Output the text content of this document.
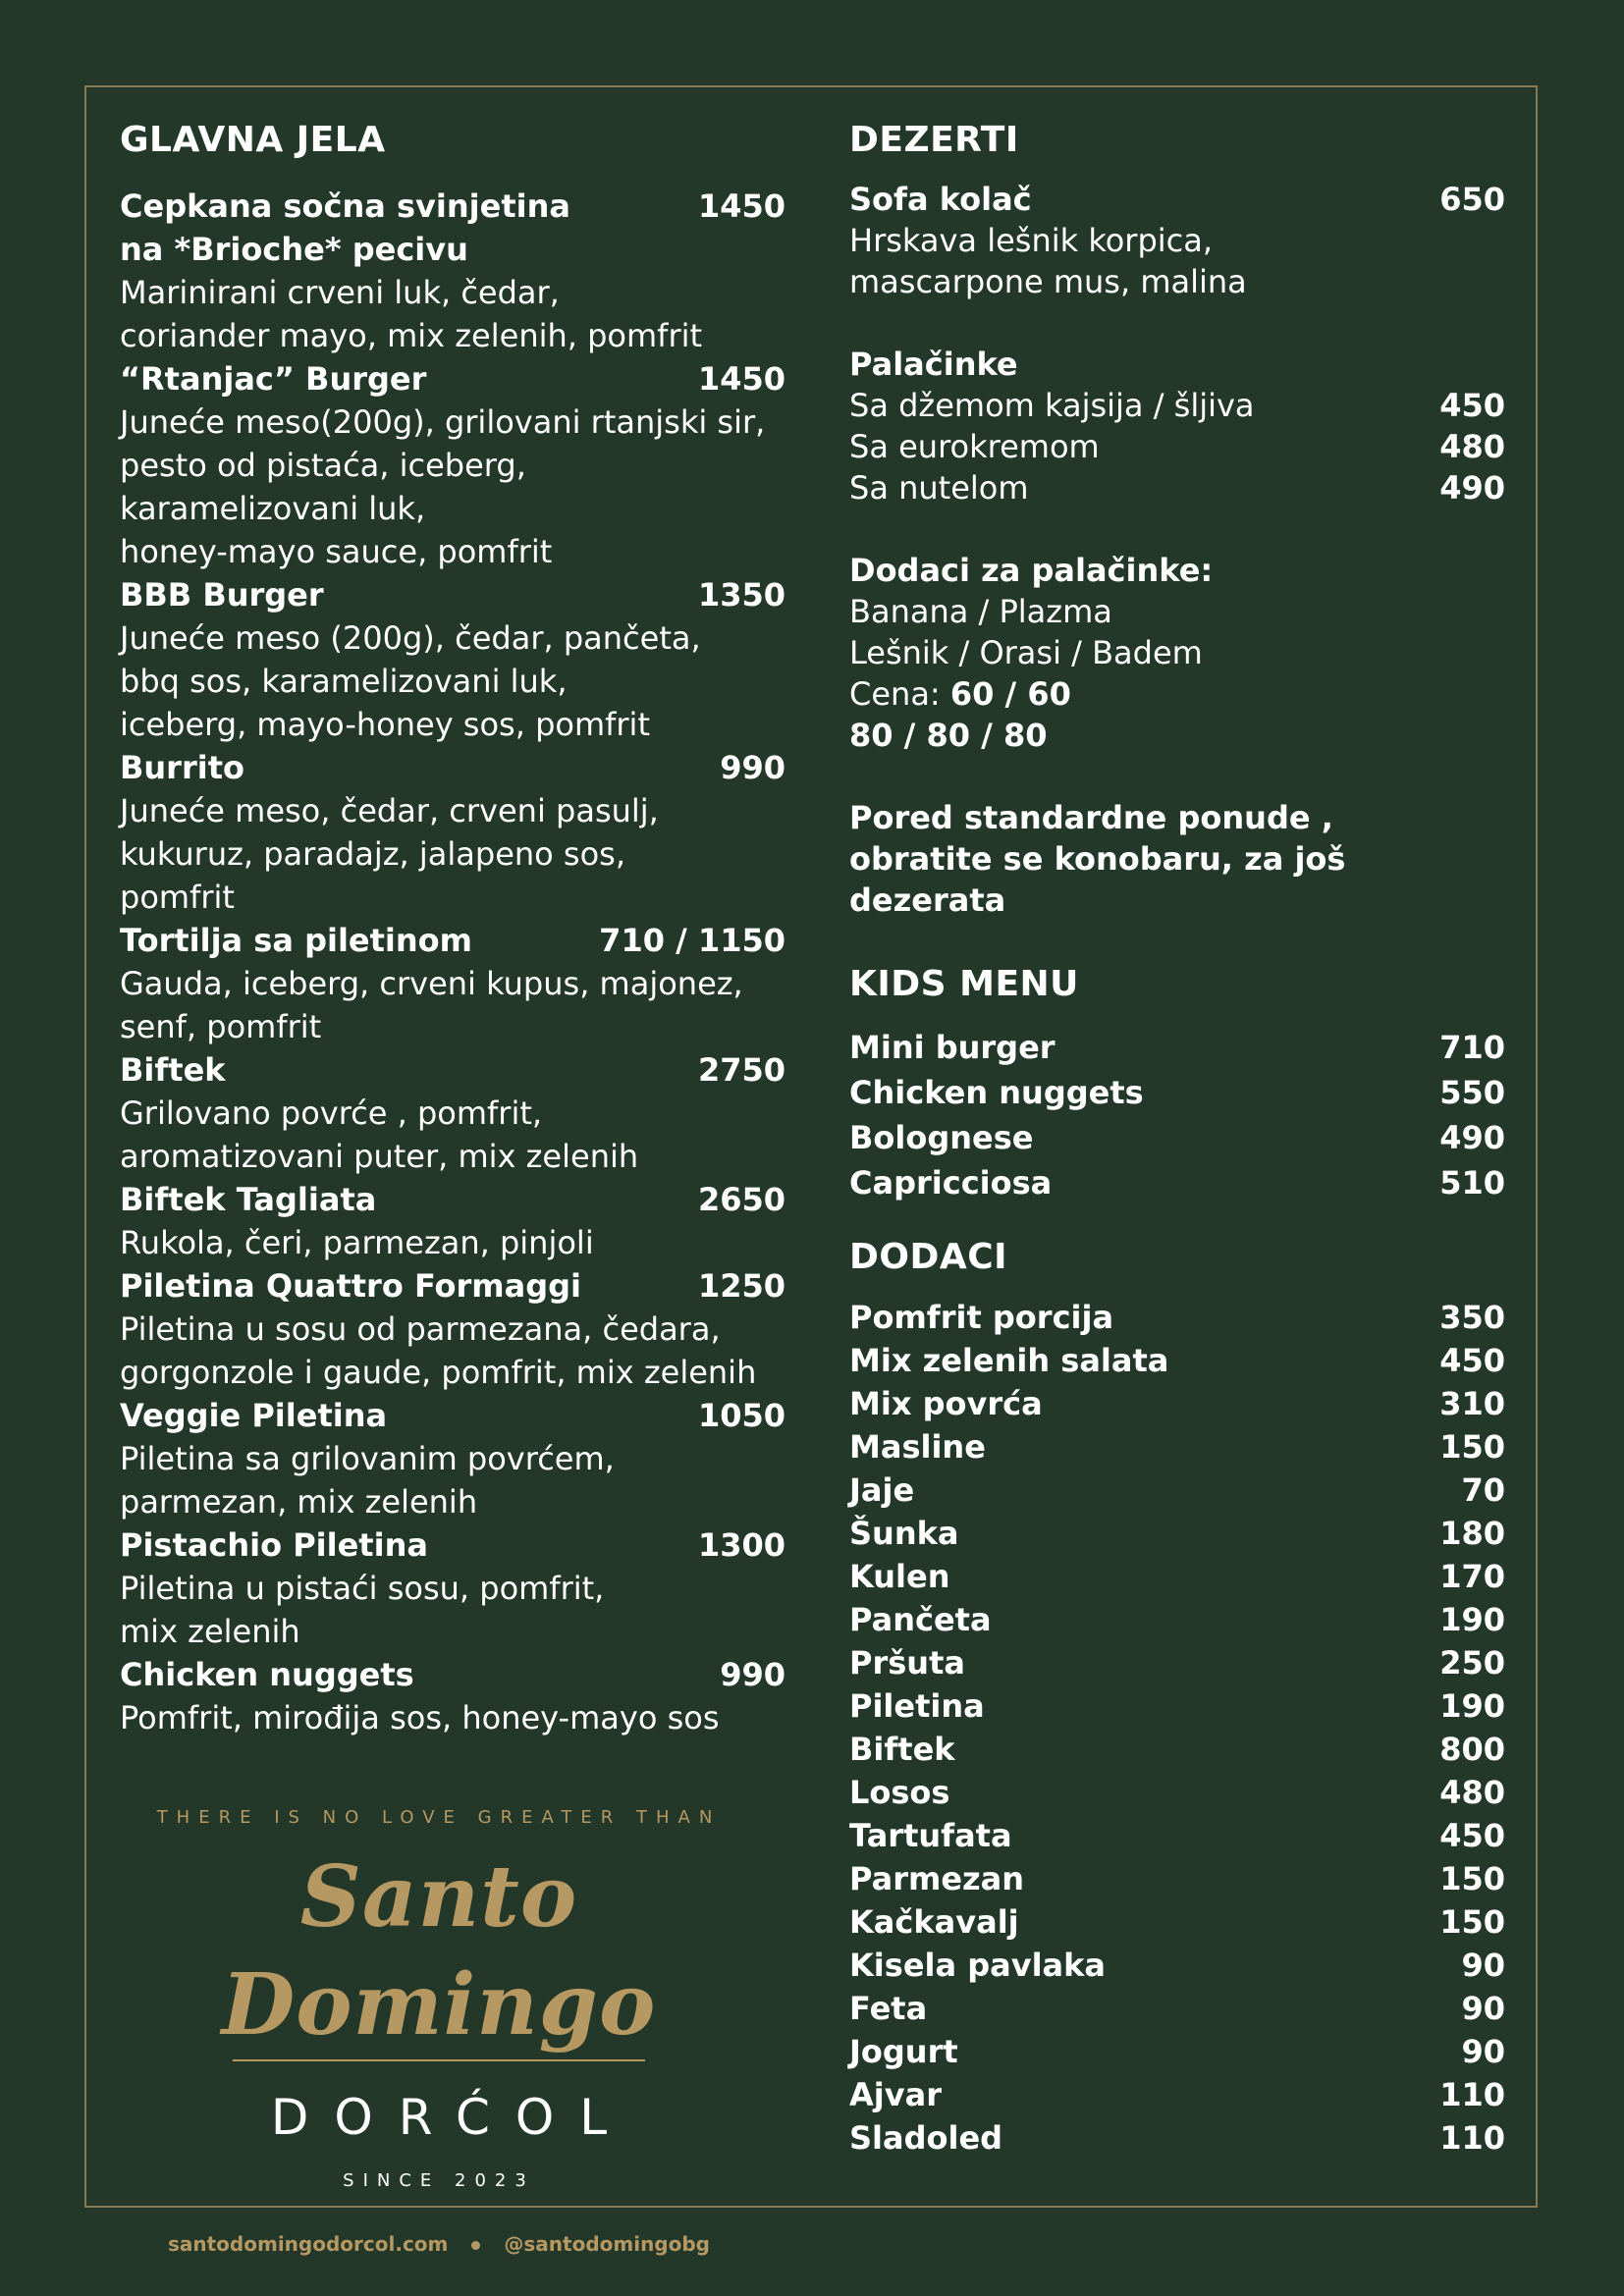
GLAVNA JELA
Cepkana sočna svinjetina	1450
na *Brioche* pecivu
Marinirani crveni luk, čedar,
coriander mayo, mix zelenih, pomfrit
“Rtanjac” Burger	1450
Juneće meso(200g), grilovani rtanjski sir,
pesto od pistaća, iceberg,
karamelizovani luk,
honey-mayo sauce, pomfrit
BBB Burger	1350
Juneće meso (200g), čedar, pančeta,
bbq sos, karamelizovani luk,
iceberg, mayo-honey sos, pomfrit
Burrito	990
Juneće meso, čedar, crveni pasulj,
kukuruz, paradajz, jalapeno sos,
pomfrit
Tortilja sa piletinom	710 / 1150
Gauda, iceberg, crveni kupus, majonez,
senf, pomfrit
Biftek	2750
Grilovano povrće , pomfrit,
aromatizovani puter, mix zelenih
Biftek Tagliata	2650
Rukola, čeri, parmezan, pinjoli
Piletina Quattro Formaggi	1250
Piletina u sosu od parmezana, čedara,
gorgonzole i gaude, pomfrit, mix zelenih
Veggie Piletina	1050
Piletina sa grilovanim povrćem,
parmezan, mix zelenih
Pistachio Piletina	1300
Piletina u pistaći sosu, pomfrit,
mix zelenih
Chicken nuggets	990
Pomfrit, mirođija sos, honey-mayo sos
THERE IS NO LOVE GREATER THAN
Santo Domingo
DORĆOL
SINCE 2023
santodomingodorcol.com	@santodomingobg
DEZERTI
Sofa kolač	650
Hrskava lešnik korpica,
mascarpone mus, malina
Palačinke
Sa džemom kajsija / šljiva	450
Sa eurokremom	480
Sa nutelom	490
Dodaci za palačinke:
Banana / Plazma
Lešnik / Orasi / Badem
Cena: 60 / 60
80 / 80 / 80
Pored standardne ponude ,
obratite se konobaru, za još dezerata
KIDS MENU
Mini burger	710
Chicken nuggets	550
Bolognese	490
Capricciosa	510
DODACI
Pomfrit porcija	350
Mix zelenih salata	450
Mix povrća	310
Masline	150
Jaje	70
Šunka	180
Kulen	170
Pančeta	190
Pršuta	250
Piletina	190
Biftek	800
Losos	480
Tartufata	450
Parmezan	150
Kačkavalj	150
Kisela pavlaka	90
Feta	90
Jogurt	90
Ajvar	110
Sladoled	110
